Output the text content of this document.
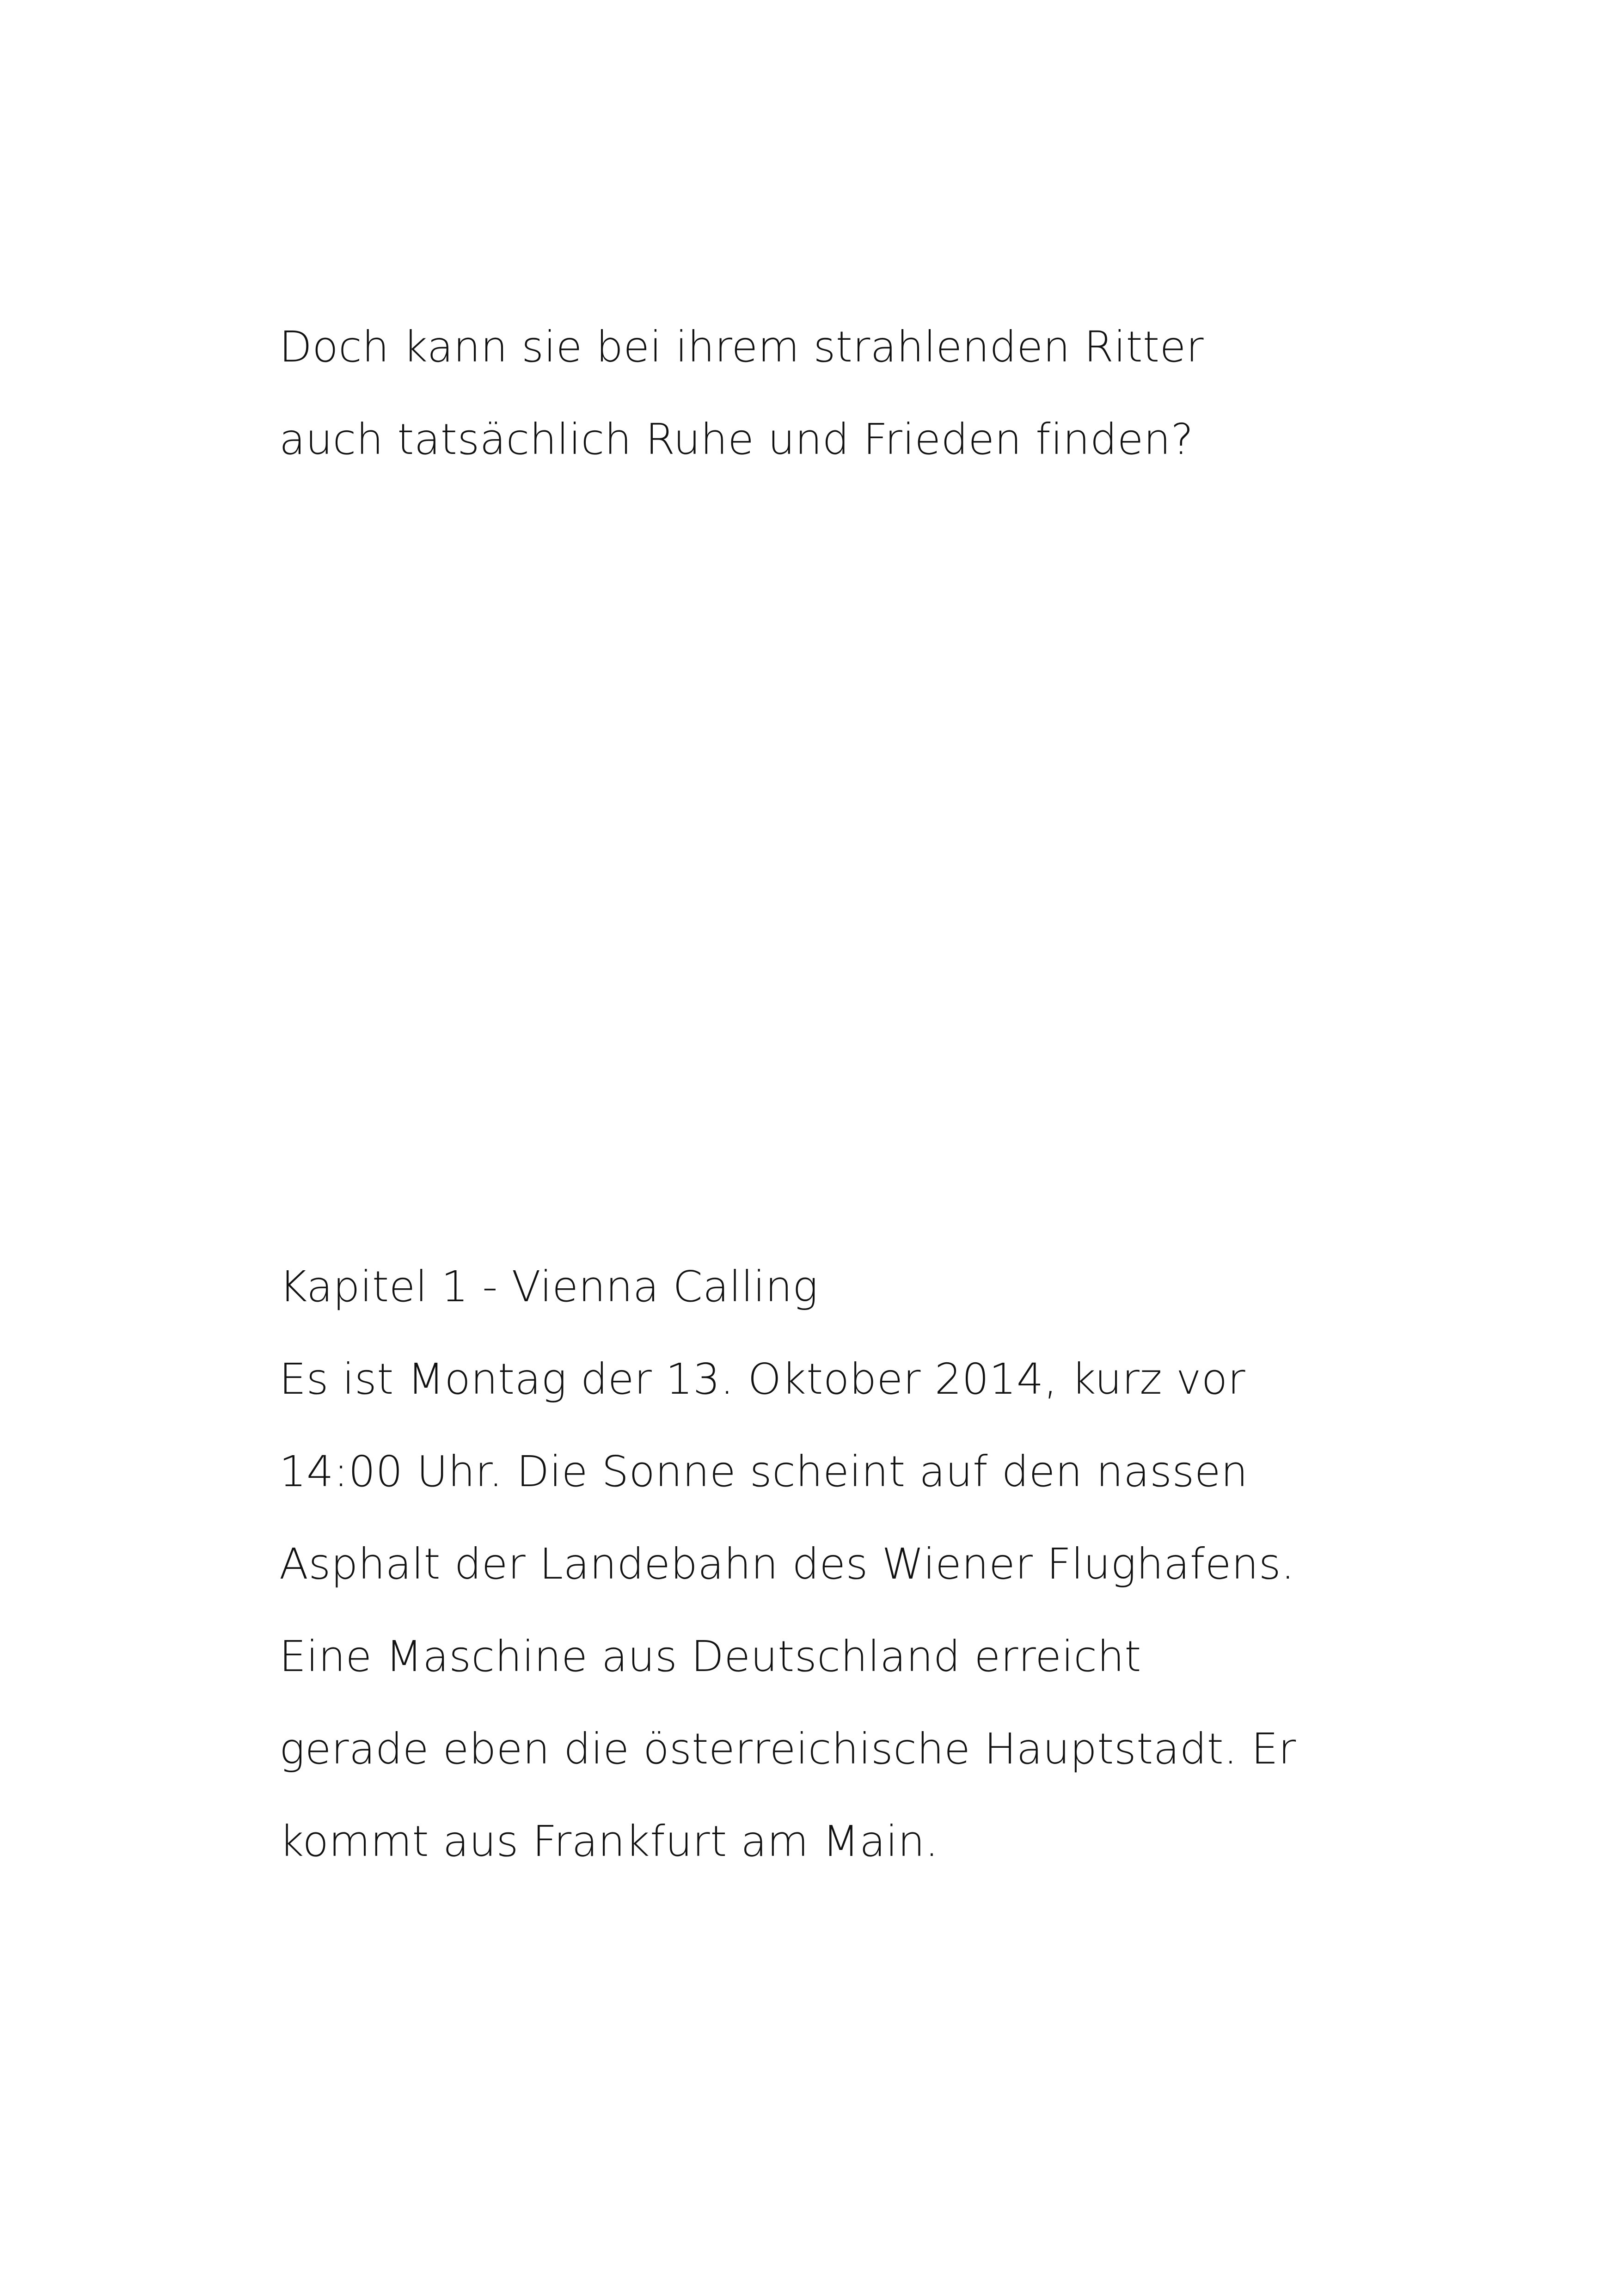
Doch kann sie bei ihrem strahlenden Ritter
auch tatsächlich Ruhe und Frieden finden?
Kapitel 1 - Vienna Calling
Es ist Montag der 13. Oktober 2014, kurz vor
14:00 Uhr. Die Sonne scheint auf den nassen
Asphalt der Landebahn des Wiener Flughafens.
Eine Maschine aus Deutschland erreicht
gerade eben die österreichische Hauptstadt. Er
kommt aus Frankfurt am Main.
